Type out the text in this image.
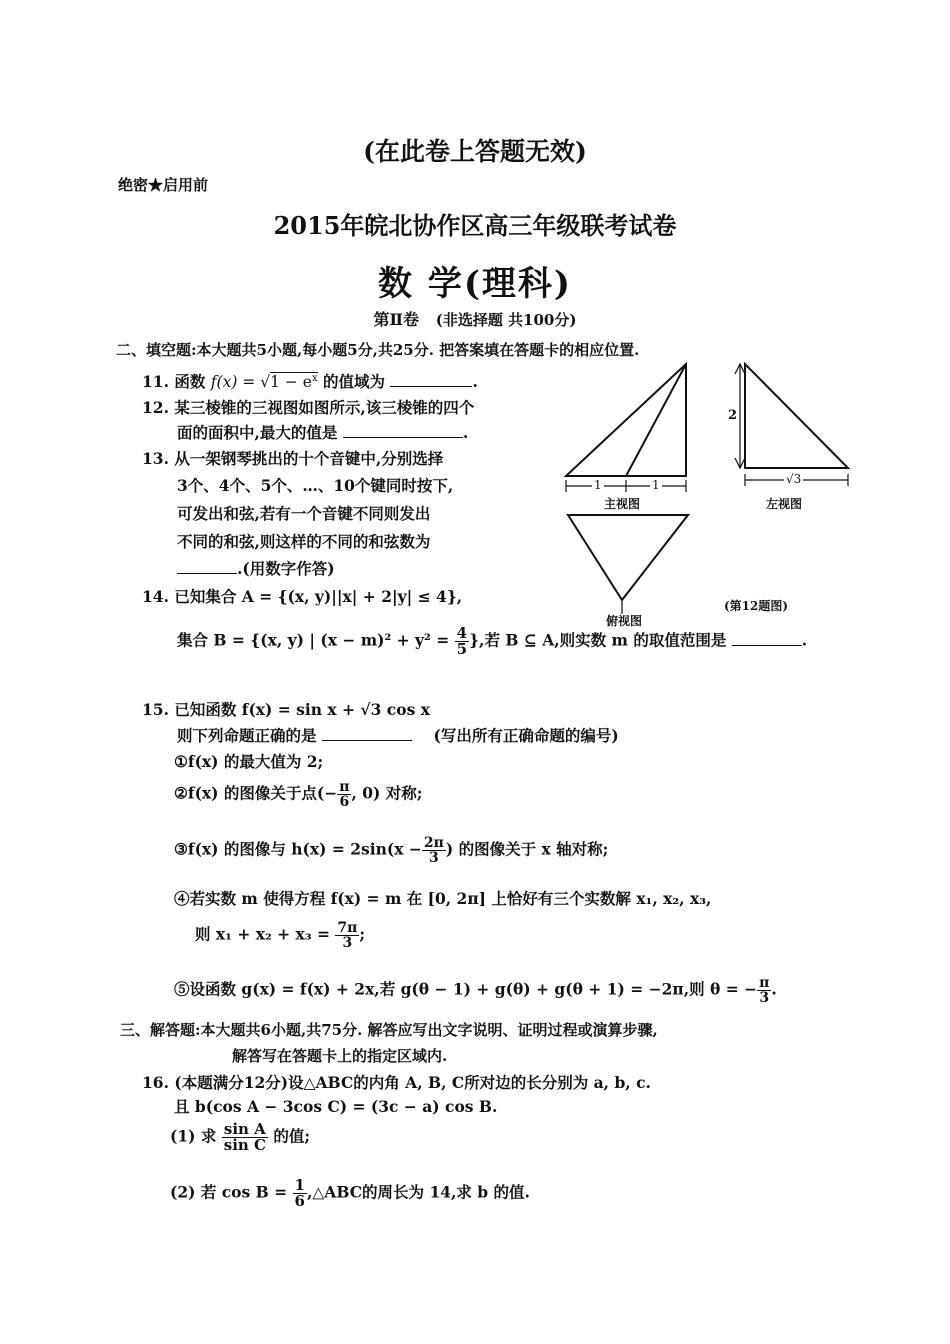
(在此卷上答题无效)
绝密★启用前
2015年皖北协作区高三年级联考试卷
数 学(理科)
第Ⅱ卷 (非选择题 共100分)
二、填空题:本大题共5小题,每小题5分,共25分. 把答案填在答题卡的相应位置.
11. 函数 $f(x) = √1 - e^x$ 的值域为	.
12. 某三棱锥的三视图如图所示,该三棱锥的四个
面的面积中,最大的值是	.
13. 从一架钢琴挑出的十个音键中,分别选择
3个、4个、5个、…、10个键同时按下,
可发出和弦,若有一个音键不同则发出
不同的和弦,则这样的不同的和弦数为
.(用数字作答)
14. 已知集合 A = {(x, y)||x| + 2|y| ≤ 4},
集合 B = {(x, y) | $(x - m)^2 + y^2 = \frac{4}{5}$ },若 B ⊆ A,则实数 m 的取值范围是	.
15. 已知函数 f(x) = sin x + √3 cos x
则下列命题正确的是	(写出所有正确命题的编号)
①f(x) 的最大值为 2;
②f(x) 的图像关于点(− $\frac{\pi}{6}$ , 0) 对称;
③f(x) 的图像与 $h(x) = 2\sin(x - \frac{2\pi}{3}$ ) 的图像关于 x 轴对称;
④若实数 m 使得方程 f(x) = m 在 [0, 2π] 上恰好有三个实数解 x₁, x₂, x₃,
则 $x_1 + x_2 + x_3 = \frac{7\pi}{3}$ ;
⑤设函数 g(x) = f(x) + 2x,若 g(θ − 1) + g(θ) + g(θ + 1) = −2π,则 θ = − $\frac{\pi}{3}$ .
三、解答题:本大题共6小题,共75分. 解答应写出文字说明、证明过程或演算步骤,
解答写在答题卡上的指定区域内.
16. (本题满分12分)设△ABC的内角 A, B, C所对边的长分别为 a, b, c.
且 b(cos A − 3cos C) = (3c − a) cos B.
(1) 求 $\frac{\text{sin A}}{\text{sin C}}$ 的值;
(2) 若 $\cos B = \frac{1}{6}$ ,△ABC的周长为 14,求 b 的值.
1	1
2
√3
主视图	左视图
俯视图
(第12题图)
